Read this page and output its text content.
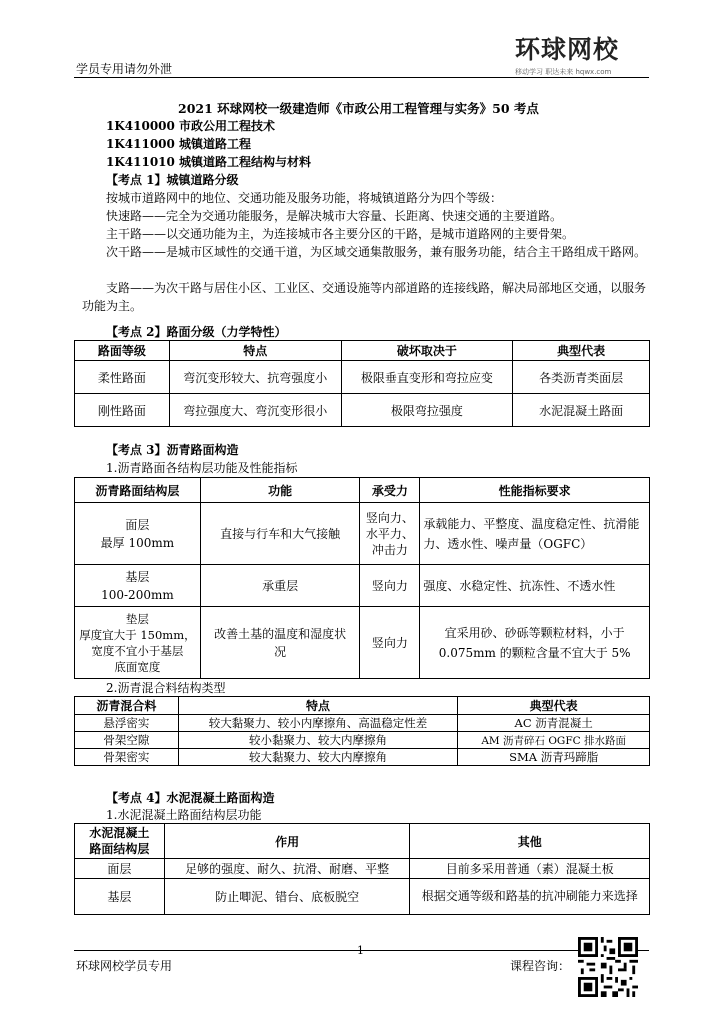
学员专用请勿外泄
环球网校
移动学习 职达未来 hqwx.com
2021 环球网校一级建造师《市政公用工程管理与实务》50 考点
1K410000 市政公用工程技术
1K411000 城镇道路工程
1K411010 城镇道路工程结构与材料
【考点 1】城镇道路分级
按城市道路网中的地位、交通功能及服务功能，将城镇道路分为四个等级：
快速路——完全为交通功能服务，是解决城市大容量、长距离、快速交通的主要道路。
主干路——以交通功能为主，为连接城市各主要分区的干路，是城市道路网的主要骨架。
次干路——是城市区域性的交通干道，为区域交通集散服务，兼有服务功能，结合主干路组成干路网。
支路——为次干路与居住小区、工业区、交通设施等内部道路的连接线路，解决局部地区交通，以服务功能为主。
【考点 2】路面分级（力学特性）
路面等级	特点	破坏取决于	典型代表
柔性路面	弯沉变形较大、抗弯强度小	极限垂直变形和弯拉应变	各类沥青类面层
刚性路面	弯拉强度大、弯沉变形很小	极限弯拉强度	水泥混凝土路面
【考点 3】沥青路面构造
1.沥青路面各结构层功能及性能指标
沥青路面结构层	功能	承受力	性能指标要求
面层
最厚 100mm	直接与行车和大气接触	竖向力、
水平力、
冲击力	承载能力、平整度、温度稳定性、抗滑能力、透水性、噪声量（OGFC）
基层
100-200mm	承重层	竖向力	强度、水稳定性、抗冻性、不透水性
垫层
厚度宜大于 150mm，
宽度不宜小于基层
底面宽度	改善土基的温度和湿度状况	竖向力	宜采用砂、砂砾等颗粒材料，小于 0.075mm 的颗粒含量不宜大于 5%
2.沥青混合料结构类型
沥青混合料	特点	典型代表
悬浮密实	较大黏聚力、较小内摩擦角、高温稳定性差	AC 沥青混凝土
骨架空隙	较小黏聚力、较大内摩擦角	AM 沥青碎石 OGFC 排水路面
骨架密实	较大黏聚力、较大内摩擦角	SMA 沥青玛蹄脂
【考点 4】水泥混凝土路面构造
1.水泥混凝土路面结构层功能
水泥混凝土
路面结构层	作用	其他
面层	足够的强度、耐久、抗滑、耐磨、平整	目前多采用普通（素）混凝土板
基层	防止唧泥、错台、底板脱空	根据交通等级和路基的抗冲刷能力来选择
1
环球网校学员专用	课程咨询：
